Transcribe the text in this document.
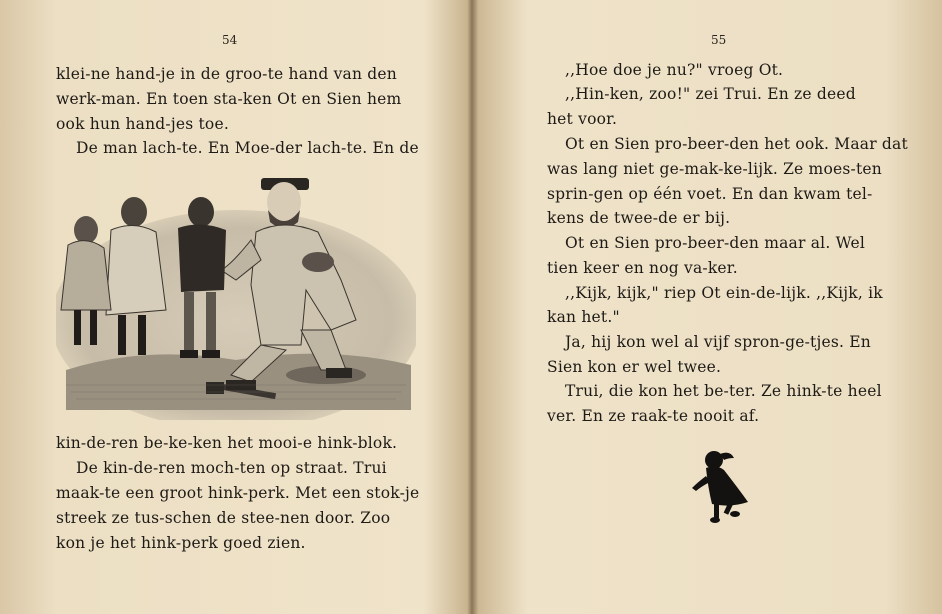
54
klei-ne hand-je in de groo-te hand van den
werk-man. En toen sta-ken Ot en Sien hem
ook hun hand-jes toe.
De man lach-te. En Moe-der lach-te. En de
kin-de-ren be-ke-ken het mooi-e hink-blok.
De kin-de-ren moch-ten op straat. Trui
maak-te een groot hink-perk. Met een stok-je
streek ze tus-schen de stee-nen door. Zoo
kon je het hink-perk goed zien.
55
,,Hoe doe je nu?" vroeg Ot.
,,Hin-ken, zoo!" zei Trui. En ze deed
het voor.
Ot en Sien pro-beer-den het ook. Maar dat
was lang niet ge-mak-ke-lijk. Ze moes-ten
sprin-gen op één voet. En dan kwam tel-
kens de twee-de er bij.
Ot en Sien pro-beer-den maar al. Wel
tien keer en nog va-ker.
,,Kijk, kijk," riep Ot ein-de-lijk. ,,Kijk, ik
kan het."
Ja, hij kon wel al vijf spron-ge-tjes. En
Sien kon er wel twee.
Trui, die kon het be-ter. Ze hink-te heel
ver. En ze raak-te nooit af.
